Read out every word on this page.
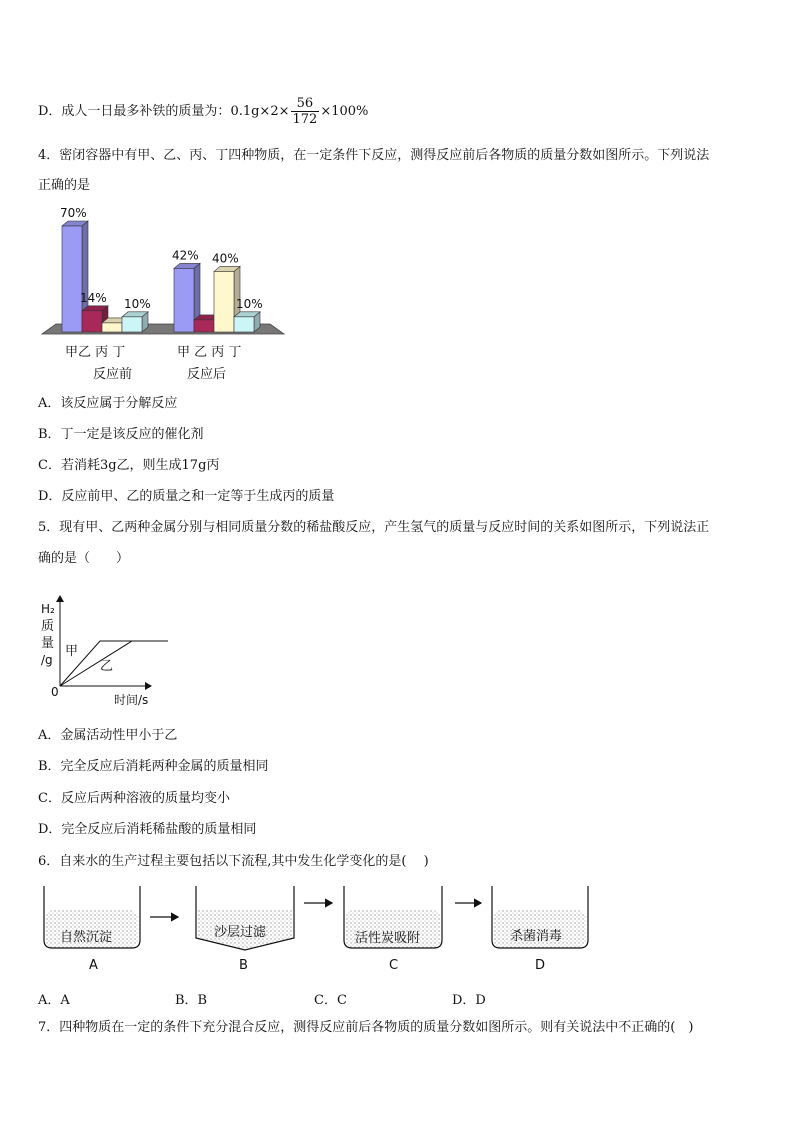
D．成人一日最多补铁的质量为：$0.1g\times 2\times \frac{56}{172} \times 100\%$
4．密闭容器中有甲、乙、丙、丁四种物质，在一定条件下反应，测得反应前后各物质的质量分数如图所示。下列说法
正确的是
70%
14% 10%
42% 40%
10%
甲乙 丙 丁
反应前
甲 乙 丙 丁
反应后
A．该反应属于分解反应
B．丁一定是该反应的催化剂
C．若消耗3g乙，则生成17g丙
D．反应前甲、乙的质量之和一定等于生成丙的质量
5．现有甲、乙两种金属分别与相同质量分数的稀盐酸反应，产生氢气的质量与反应时间的关系如图所示，下列说法正
确的是（　　）
H₂
质
量
/g
0
时间/s
甲
乙
A．金属活动性甲小于乙
B．完全反应后消耗两种金属的质量相同
C．反应后两种溶液的质量均变小
D．完全反应后消耗稀盐酸的质量相同
6．自来水的生产过程主要包括以下流程,其中发生化学变化的是(　 )
自然沉淀
A
沙层过滤
B
活性炭吸附
C
杀菌消毒
D
A．A	B．B	C．C	D．D
7．四种物质在一定的条件下充分混合反应，测得反应前后各物质的质量分数如图所示。则有关说法中不正确的(　)
